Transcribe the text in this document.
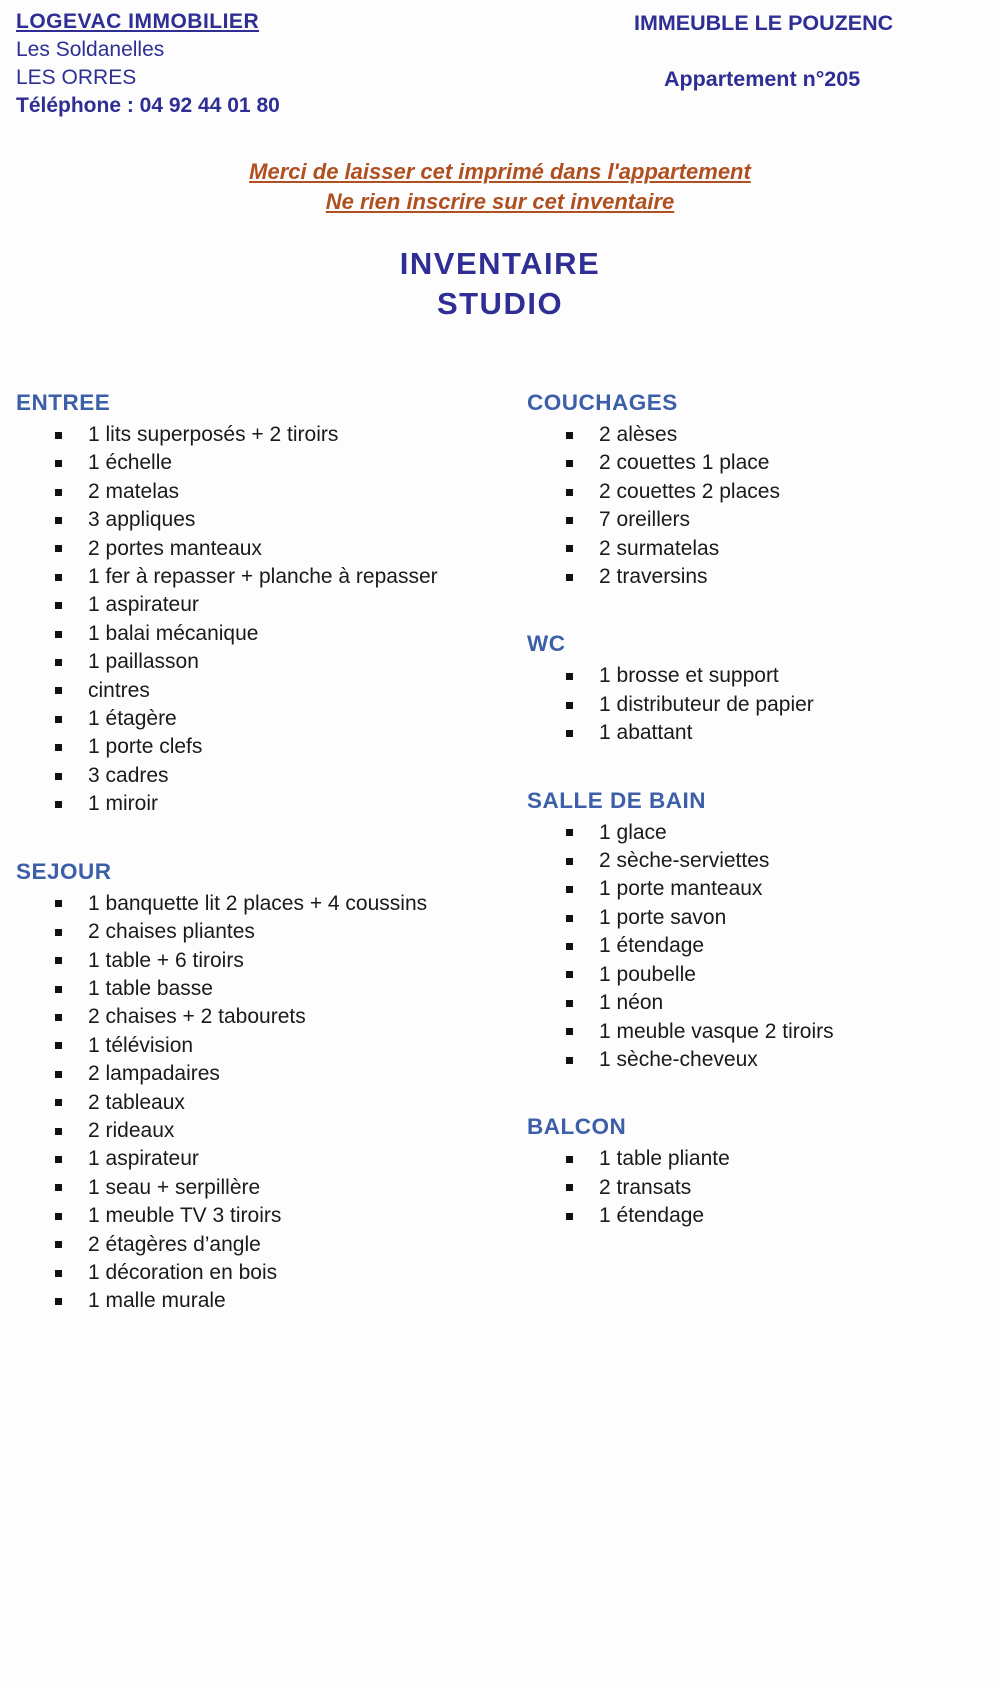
LOGEVAC IMMOBILIER
Les Soldanelles
LES ORRES
Téléphone : 04 92 44 01 80
IMMEUBLE LE POUZENC
Appartement n°205
Merci de laisser cet imprimé dans l'appartement
Ne rien inscrire sur cet inventaire
INVENTAIRE
STUDIO
ENTREE
1 lits superposés + 2 tiroirs
1 échelle
2 matelas
3 appliques
2 portes manteaux
1 fer à repasser + planche à repasser
1 aspirateur
1 balai mécanique
1 paillasson
cintres
1 étagère
1 porte clefs
3 cadres
1 miroir
SEJOUR
1 banquette lit 2 places + 4 coussins
2 chaises pliantes
1 table + 6 tiroirs
1 table basse
2 chaises + 2 tabourets
1 télévision
2 lampadaires
2 tableaux
2 rideaux
1 aspirateur
1 seau + serpillère
1 meuble TV 3 tiroirs
2 étagères d’angle
1 décoration en bois
1 malle murale
COUCHAGES
2 alèses
2 couettes 1 place
2 couettes 2 places
7 oreillers
2 surmatelas
2 traversins
WC
1 brosse et support
1 distributeur de papier
1 abattant
SALLE DE BAIN
1 glace
2 sèche-serviettes
1 porte manteaux
1 porte savon
1 étendage
1 poubelle
1 néon
1 meuble vasque 2 tiroirs
1 sèche-cheveux
BALCON
1 table pliante
2 transats
1 étendage
